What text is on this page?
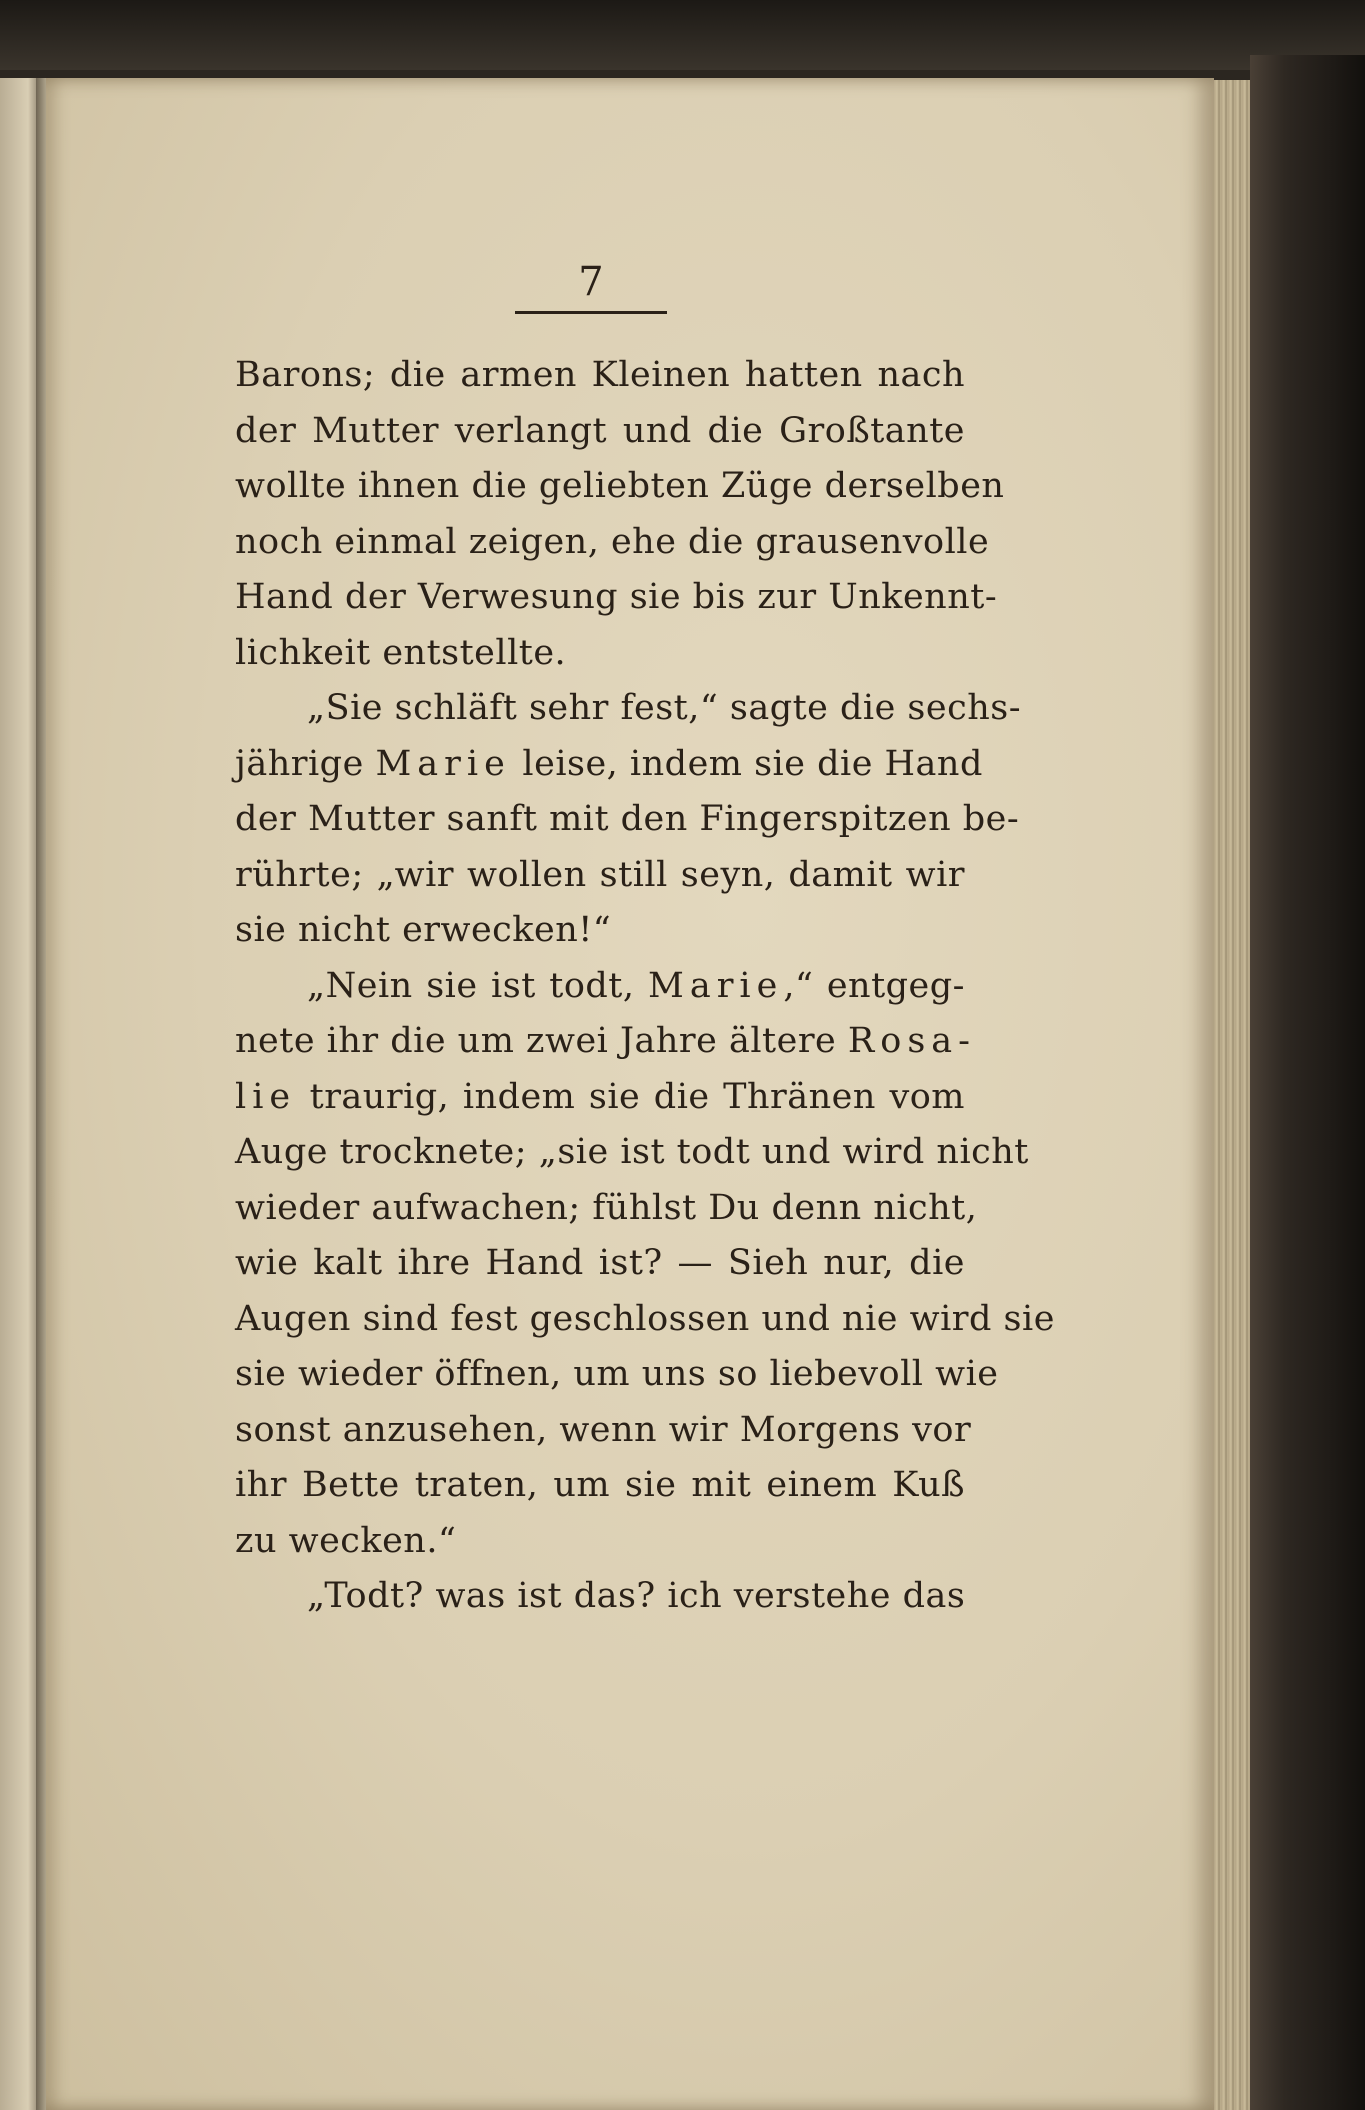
7
Barons; die armen Kleinen hatten nach
der Mutter verlangt und die Großtante
wollte ihnen die geliebten Züge derselben
noch einmal zeigen, ehe die grausenvolle
Hand der Verwesung sie bis zur Unkennt-
lichkeit entstellte.
„Sie schläft sehr fest,“ sagte die sechs-
jährige Marie leise, indem sie die Hand
der Mutter sanft mit den Fingerspitzen be-
rührte; „wir wollen still seyn, damit wir
sie nicht erwecken!“
„Nein sie ist todt, Marie,“ entgeg-
nete ihr die um zwei Jahre ältere Rosa-
lie traurig, indem sie die Thränen vom
Auge trocknete; „sie ist todt und wird nicht
wieder aufwachen; fühlst Du denn nicht,
wie kalt ihre Hand ist? — Sieh nur, die
Augen sind fest geschlossen und nie wird sie
sie wieder öffnen, um uns so liebevoll wie
sonst anzusehen, wenn wir Morgens vor
ihr Bette traten, um sie mit einem Kuß
zu wecken.“
„Todt? was ist das? ich verstehe das
